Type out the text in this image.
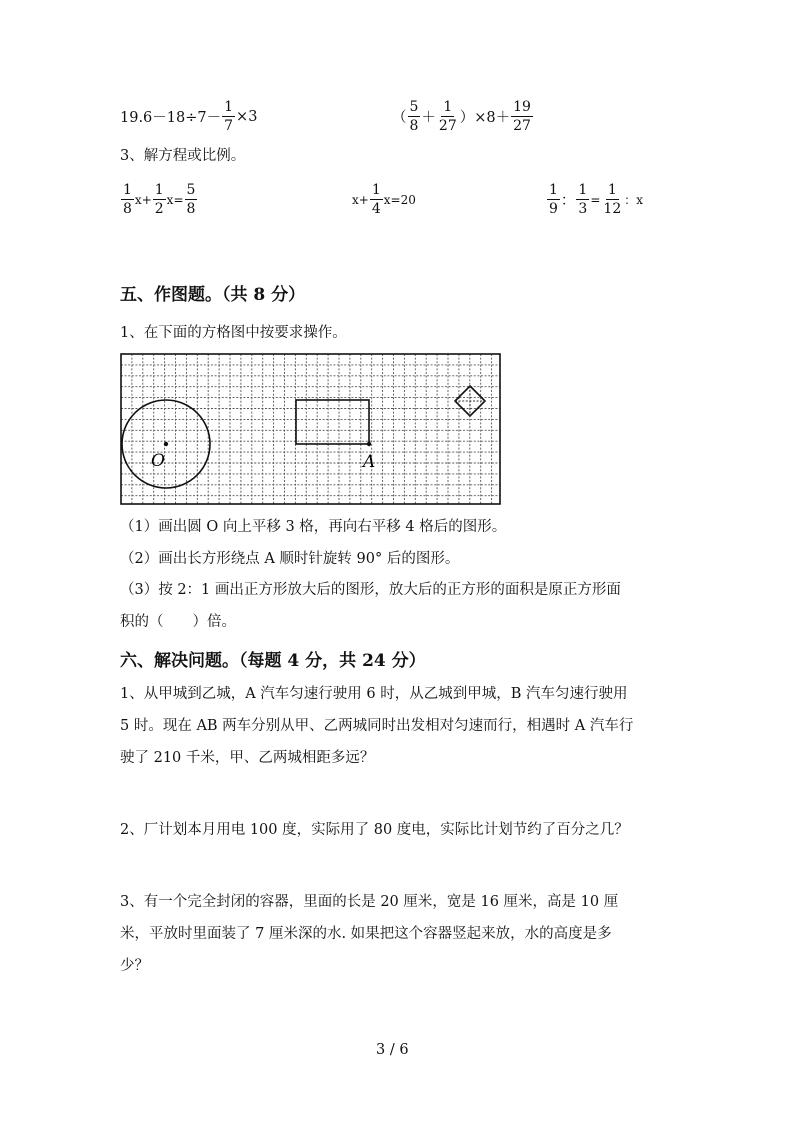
$19.6-18\div 7- \frac{1}{7} \times 3$	（ $\frac{5}{8} + \frac{1}{27} )\times 8+ \frac{19}{27}$
3、解方程或比例。
$\frac{1}{8} x+ \frac{1}{2} x= \frac{5}{8}$	$x+ \frac{1}{4} x=20$	$\frac{1}{9}$ ： $\frac{1}{3} = \frac{1}{12}$ ：x
五、作图题。（共 8 分）
1、在下面的方格图中按要求操作。
O	A
（1）画出圆 O 向上平移 3 格，再向右平移 4 格后的图形。
（2）画出长方形绕点 A 顺时针旋转 90° 后的图形。
（3）按 2：1 画出正方形放大后的图形，放大后的正方形的面积是原正方形面
积的（　　）倍。
六、解决问题。（每题 4 分，共 24 分）
1、从甲城到乙城，A 汽车匀速行驶用 6 时，从乙城到甲城，B 汽车匀速行驶用
5 时。现在 AB 两车分别从甲、乙两城同时出发相对匀速而行，相遇时 A 汽车行
驶了 210 千米，甲、乙两城相距多远？
2、厂计划本月用电 100 度，实际用了 80 度电，实际比计划节约了百分之几？
3、有一个完全封闭的容器，里面的长是 20 厘米，宽是 16 厘米，高是 10 厘
米，平放时里面装了 7 厘米深的水. 如果把这个容器竖起来放，水的高度是多
少？
3 / 6
